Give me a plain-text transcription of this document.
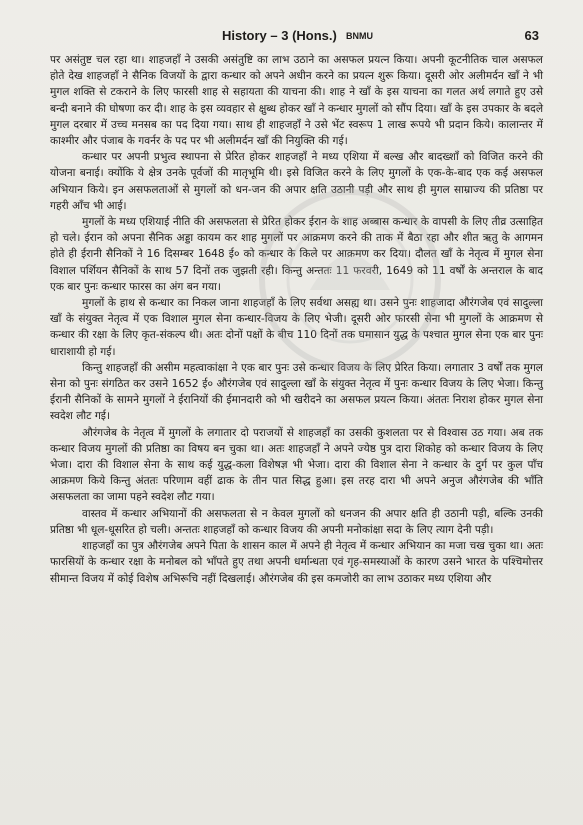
History – 3 (Hons.) BNMU	63

पर असंतुष्ट चल रहा था। शाहजहाँ ने उसकी असंतुष्टि का लाभ उठाने का असफल प्रयत्न किया। अपनी कूटनीतिक चाल असफल होते देख शाहजहाँ ने सैनिक विजयों के द्वारा कन्धार को अपने अधीन करने का प्रयत्न शुरू किया। दूसरी ओर अलीमर्दन खाँ ने भी मुगल शक्ति से टकराने के लिए फारसी शाह से सहायता की याचना की। शाह ने खाँ के इस याचना का गलत अर्थ लगाते हुए उसे बन्दी बनाने की घोषणा कर दी। शाह के इस व्यवहार से क्षुब्ध होकर खाँ ने कन्धार मुगलों को सौंप दिया। खाँ के इस उपकार के बदले मुगल दरबार में उच्च मनसब का पद दिया गया। साथ ही शाहजहाँ ने उसे भेंट स्वरूप 1 लाख रूपये भी प्रदान किये। कालान्तर में काश्मीर और पंजाब के गवर्नर के पद पर भी अलीमर्दन खाँ की नियुक्ति की गई।

कन्धार पर अपनी प्रभुत्व स्थापना से प्रेरित होकर शाहजहाँ ने मध्य एशिया में बल्ख और बादख्शाँ को विजित करने की योजना बनाई। क्योंकि ये क्षेत्र उनके पूर्वजों की मातृभूमि थी। इसे विजित करने के लिए मुगलों के एक-के-बाद एक कई असफल अभियान किये। इन असफलताओं से मुगलों को धन-जन की अपार क्षति उठानी पड़ी और साथ ही मुगल साम्राज्य की प्रतिष्ठा पर गहरी आँच भी आई।

मुगलों के मध्य एशियाई नीति की असफलता से प्रेरित होकर ईरान के शाह अब्बास कन्धार के वापसी के लिए तीव्र उत्साहित हो चले। ईरान को अपना सैनिक अड्डा कायम कर शाह मुगलों पर आक्रमण करने की ताक में बैठा रहा और शीत ऋतु के आगमन होते ही ईरानी सैनिकों ने 16 दिसम्बर 1648 ई० को कन्धार के किले पर आक्रमण कर दिया। दौलत खाँ के नेतृत्व में मुगल सेना विशाल पर्शियन सैनिकों के साथ 57 दिनों तक जुझती रही। किन्तु अन्ततः 11 फरवरी, 1649 को 11 वर्षों के अन्तराल के बाद एक बार पुनः कन्धार फारस का अंग बन गया।

मुगलों के हाथ से कन्धार का निकल जाना शाहजहाँ के लिए सर्वथा असह्य था। उसने पुनः शाहजादा औरंगजेब एवं सादुल्ला खाँ के संयुक्त नेतृत्व में एक विशाल मुगल सेना कन्धार-विजय के लिए भेजी। दूसरी ओर फारसी सेना भी मुगलों के आक्रमण से कन्धार की रक्षा के लिए कृत-संकल्प थी। अतः दोनों पक्षों के बीच 110 दिनों तक घमासान युद्ध के पश्चात मुगल सेना एक बार पुनः धाराशायी हो गई।

किन्तु शाहजहाँ की असीम महत्वाकांक्षा ने एक बार पुनः उसे कन्धार विजय के लिए प्रेरित किया। लगातार 3 वर्षों तक मुगल सेना को पुनः संगठित कर उसने 1652 ई० औरंगजेब एवं सादुल्ला खाँ के संयुक्त नेतृत्व में पुनः कन्धार विजय के लिए भेजा। किन्तु ईरानी सैनिकों के सामने मुगलों ने ईरानियों की ईमानदारी को भी खरीदने का असफल प्रयत्न किया। अंततः निराश होकर मुगल सेना स्वदेश लौट गई।

औरंगजेब के नेतृत्व में मुगलों के लगातार दो पराजयों से शाहजहाँ का उसकी कुशलता पर से विश्वास उठ गया। अब तक कन्धार विजय मुगलों की प्रतिष्ठा का विषय बन चुका था। अतः शाहजहाँ ने अपने ज्येष्ठ पुत्र दारा शिकोह को कन्धार विजय के लिए भेजा। दारा की विशाल सेना के साथ कई युद्ध-कला विशेषज्ञ भी भेजा। दारा की विशाल सेना ने कन्धार के दुर्ग पर कुल पाँच आक्रमण किये किन्तु अंततः परिणाम वहीं ढाक के तीन पात सिद्ध हुआ। इस तरह दारा भी अपने अनुज औरंगजेब की भाँति असफलता का जामा पहने स्वदेश लौट गया।

वास्तव में कन्धार अभियानों की असफलता से न केवल मुगलों को धनजन की अपार क्षति ही उठानी पड़ी, बल्कि उनकी प्रतिष्ठा भी धूल-धूसरित हो चली। अन्ततः शाहजहाँ को कन्धार विजय की अपनी मनोकांक्षा सदा के लिए त्याग देनी पड़ी।

शाहजहाँ का पुत्र औरंगजेब अपने पिता के शासन काल में अपने ही नेतृत्व में कन्धार अभियान का मजा चख चुका था। अतः फारसियों के कन्धार रक्षा के मनोबल को भाँपते हुए तथा अपनी धर्मान्धता एवं गृह-समस्याओं के कारण उसने भारत के पश्चिमोत्तर सीमान्त विजय में कोई विशेष अभिरूचि नहीं दिखलाई। औरंगजेब की इस कमजोरी का लाभ उठाकर मध्य एशिया और
